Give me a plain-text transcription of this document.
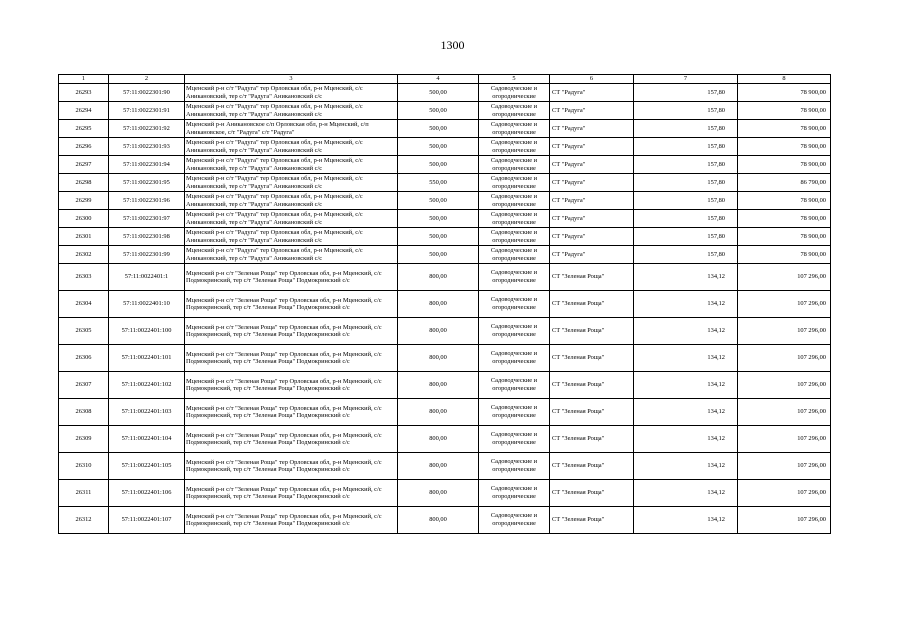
1300
1	2	3	4	5	6	7	8
26293	57:11:0022301:90	Мценский р-н с/т "Радуга" тер Орловская обл, р-н Мценский, с/с Аниканoвский, тер с/т "Радуга" Аниканoвский с/с	500,00	Садоводческие и огороднические	СТ "Радуга"	157,80	78 900,00
26294	57:11:0022301:91	Мценский р-н с/т "Радуга" тер Орловская обл, р-н Мценский, с/с Аниканoвский, тер с/т "Радуга" Аниканoвский с/с	500,00	Садоводческие и огороднические	СТ "Радуга"	157,80	78 900,00
26295	57:11:0022301:92	Мценский р-н Аниканoвское с/п Орловская обл, р-н Мценский, с/п Аниканoвское, с/т "Радуга" с/т "Радуга"	500,00	Садоводческие и огороднические	СТ "Радуга"	157,80	78 900,00
26296	57:11:0022301:93	Мценский р-н с/т "Радуга" тер Орловская обл, р-н Мценский, с/с Аниканoвский, тер с/т "Радуга" Аниканoвский с/с	500,00	Садоводческие и огороднические	СТ "Радуга"	157,80	78 900,00
26297	57:11:0022301:94	Мценский р-н с/т "Радуга" тер Орловская обл, р-н Мценский, с/с Аниканoвский, тер с/т "Радуга" Аниканoвский с/с	500,00	Садоводческие и огороднические	СТ "Радуга"	157,80	78 900,00
26298	57:11:0022301:95	Мценский р-н с/т "Радуга" тер Орловская обл, р-н Мценский, с/с Аниканoвский, тер с/т "Радуга" Аниканoвский с/с	550,00	Садоводческие и огороднические	СТ "Радуга"	157,80	86 790,00
26299	57:11:0022301:96	Мценский р-н с/т "Радуга" тер Орловская обл, р-н Мценский, с/с Аниканoвский, тер с/т "Радуга" Аниканoвский с/с	500,00	Садоводческие и огороднические	СТ "Радуга"	157,80	78 900,00
26300	57:11:0022301:97	Мценский р-н с/т "Радуга" тер Орловская обл, р-н Мценский, с/с Аниканoвский, тер с/т "Радуга" Аниканoвский с/с	500,00	Садоводческие и огороднические	СТ "Радуга"	157,80	78 900,00
26301	57:11:0022301:98	Мценский р-н с/т "Радуга" тер Орловская обл, р-н Мценский, с/с Аниканoвский, тер с/т "Радуга" Аниканoвский с/с	500,00	Садоводческие и огороднические	СТ "Радуга"	157,80	78 900,00
26302	57:11:0022301:99	Мценский р-н с/т "Радуга" тер Орловская обл, р-н Мценский, с/с Аниканoвский, тер с/т "Радуга" Аниканoвский с/с	500,00	Садоводческие и огороднические	СТ "Радуга"	157,80	78 900,00
26303	57:11:0022401:1	Мценский р-н с/т "Зеленая Роща" тер Орловская обл, р-н Мценский, с/с Подмокринский, тер с/т "Зеленая Роща" Подмокринский с/с	800,00	Садоводческие и огороднические	СТ "Зеленая Роща"	134,12	107 296,00
26304	57:11:0022401:10	Мценский р-н с/т "Зеленая Роща" тер Орловская обл, р-н Мценский, с/с Подмокринский, тер с/т "Зеленая Роща" Подмокринский с/с	800,00	Садоводческие и огороднические	СТ "Зеленая Роща"	134,12	107 296,00
26305	57:11:0022401:100	Мценский р-н с/т "Зеленая Роща" тер Орловская обл, р-н Мценский, с/с Подмокринский, тер с/т "Зеленая Роща" Подмокринский с/с	800,00	Садоводческие и огороднические	СТ "Зеленая Роща"	134,12	107 296,00
26306	57:11:0022401:101	Мценский р-н с/т "Зеленая Роща" тер Орловская обл, р-н Мценский, с/с Подмокринский, тер с/т "Зеленая Роща" Подмокринский с/с	800,00	Садоводческие и огороднические	СТ "Зеленая Роща"	134,12	107 296,00
26307	57:11:0022401:102	Мценский р-н с/т "Зеленая Роща" тер Орловская обл, р-н Мценский, с/с Подмокринский, тер с/т "Зеленая Роща" Подмокринский с/с	800,00	Садоводческие и огороднические	СТ "Зеленая Роща"	134,12	107 296,00
26308	57:11:0022401:103	Мценский р-н с/т "Зеленая Роща" тер Орловская обл, р-н Мценский, с/с Подмокринский, тер с/т "Зеленая Роща" Подмокринский с/с	800,00	Садоводческие и огороднические	СТ "Зеленая Роща"	134,12	107 296,00
26309	57:11:0022401:104	Мценский р-н с/т "Зеленая Роща" тер Орловская обл, р-н Мценский, с/с Подмокринский, тер с/т "Зеленая Роща" Подмокринский с/с	800,00	Садоводческие и огороднические	СТ "Зеленая Роща"	134,12	107 296,00
26310	57:11:0022401:105	Мценский р-н с/т "Зеленая Роща" тер Орловская обл, р-н Мценский, с/с Подмокринский, тер с/т "Зеленая Роща" Подмокринский с/с	800,00	Садоводческие и огороднические	СТ "Зеленая Роща"	134,12	107 296,00
26311	57:11:0022401:106	Мценский р-н с/т "Зеленая Роща" тер Орловская обл, р-н Мценский, с/с Подмокринский, тер с/т "Зеленая Роща" Подмокринский с/с	800,00	Садоводческие и огороднические	СТ "Зеленая Роща"	134,12	107 296,00
26312	57:11:0022401:107	Мценский р-н с/т "Зеленая Роща" тер Орловская обл, р-н Мценский, с/с Подмокринский, тер с/т "Зеленая Роща" Подмокринский с/с	800,00	Садоводческие и огороднические	СТ "Зеленая Роща"	134,12	107 296,00
